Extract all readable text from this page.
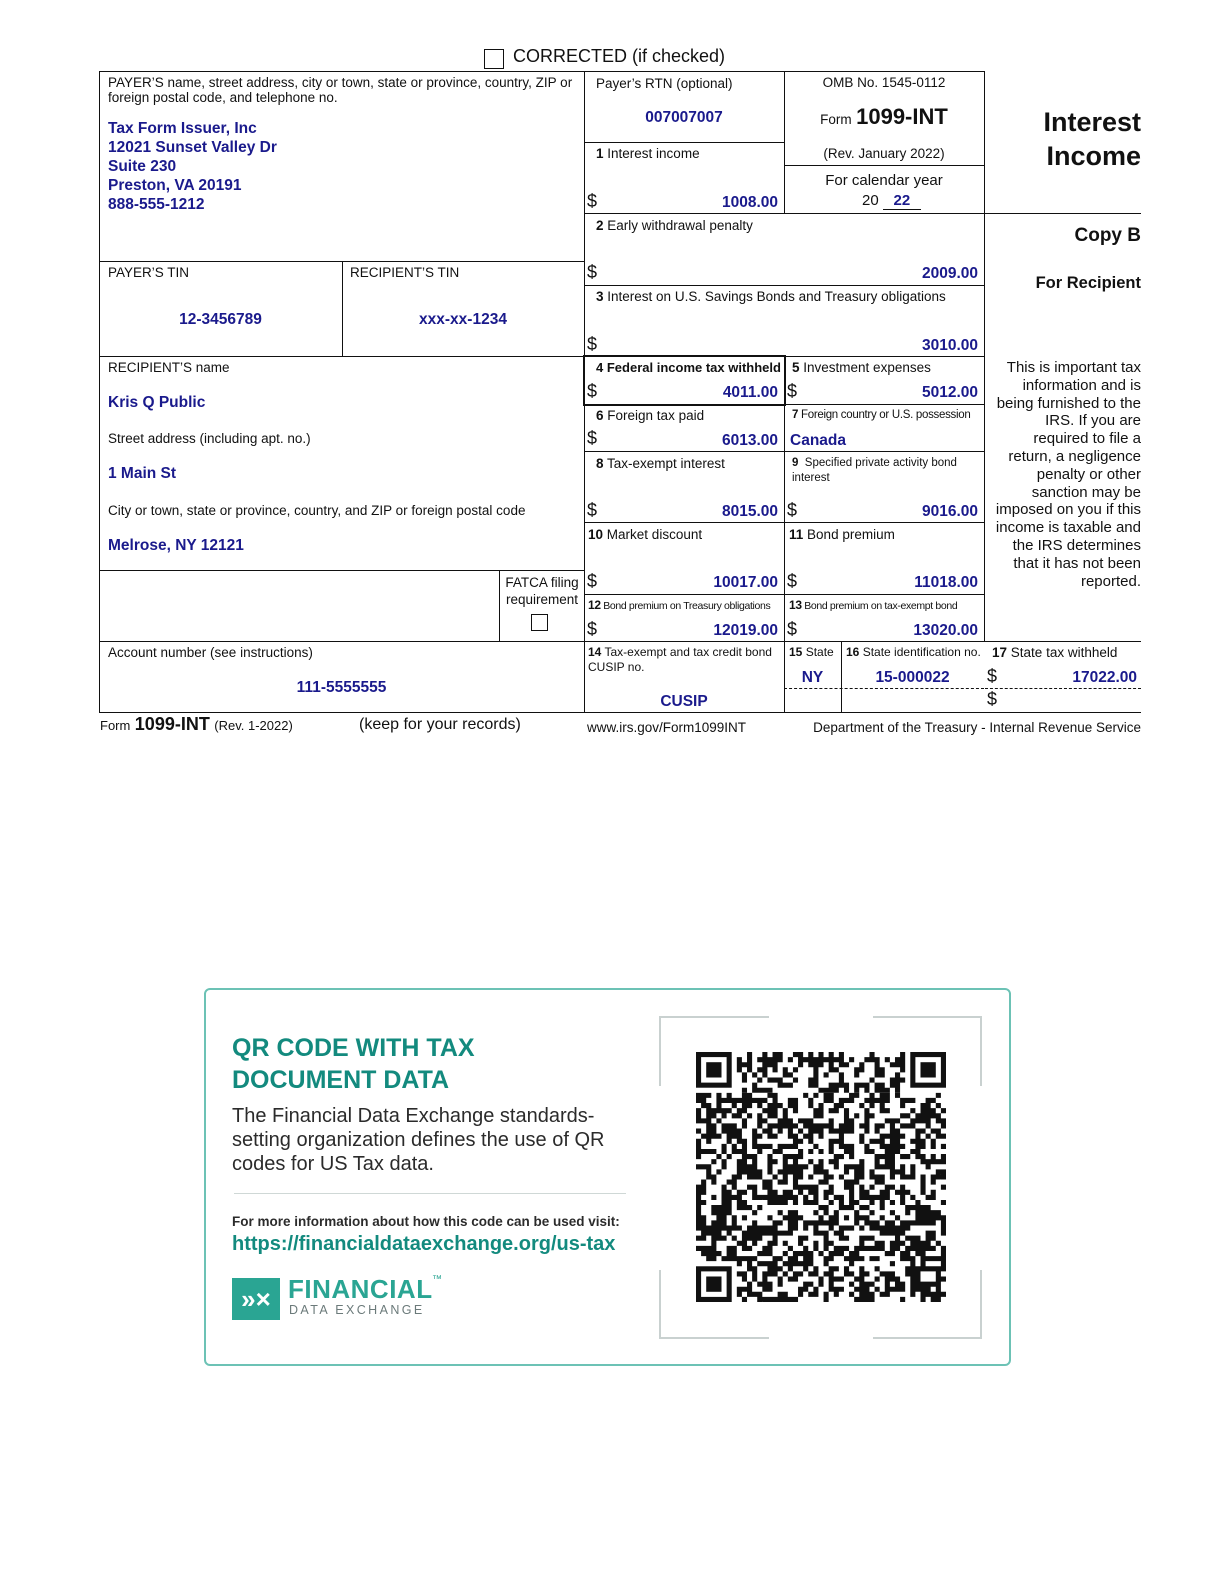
CORRECTED (if checked)
PAYER’S name, street address, city or town, state or province, country, ZIP or foreign postal code, and telephone no.
Tax Form Issuer, Inc
12021 Sunset Valley Dr
Suite 230
Preston, VA 20191
888-555-1212
Payer’s RTN (optional)
007007007
OMB No. 1545-0112
Form 1099-INT
(Rev. January 2022)
For calendar year
20 22
Interest
Income
Copy B
For Recipient
This is important tax information and is being furnished to the IRS. If you are required to file a return, a negligence penalty or other sanction may be imposed on you if this income is taxable and the IRS determines that it has not been reported.
PAYER’S TIN
12-3456789
RECIPIENT’S TIN
xxx-xx-1234
RECIPIENT’S name
Kris Q Public
Street address (including apt. no.)
1 Main St
City or town, state or province, country, and ZIP or foreign postal code
Melrose, NY 12121
FATCA filing requirement
Account number (see instructions)
111-5555555
1 Interest income
$	1008.00
2 Early withdrawal penalty
$	2009.00
3 Interest on U.S. Savings Bonds and Treasury obligations
$	3010.00
4 Federal income tax withheld
$	4011.00
5 Investment expenses
$	5012.00
6 Foreign tax paid
$	6013.00
7 Foreign country or U.S. possession
Canada
8 Tax-exempt interest
$	8015.00
9 Specified private activity bond interest
$	9016.00
10 Market discount
$	10017.00
11 Bond premium
$	11018.00
12 Bond premium on Treasury obligations
$	12019.00
13 Bond premium on tax-exempt bond
$	13020.00
14 Tax-exempt and tax credit bond CUSIP no.
CUSIP
15 State
NY
16 State identification no.
15-000022
17 State tax withheld
$	17022.00
$
Form 1099-INT (Rev. 1-2022)	(keep for your records)	www.irs.gov/Form1099INT	Department of the Treasury - Internal Revenue Service
QR CODE WITH TAX
DOCUMENT DATA
The Financial Data Exchange standards-setting organization defines the use of QR codes for US Tax data.
For more information about how this code can be used visit:
https://financialdataexchange.org/us-tax
»× FINANCIAL ™
DATA EXCHANGE
